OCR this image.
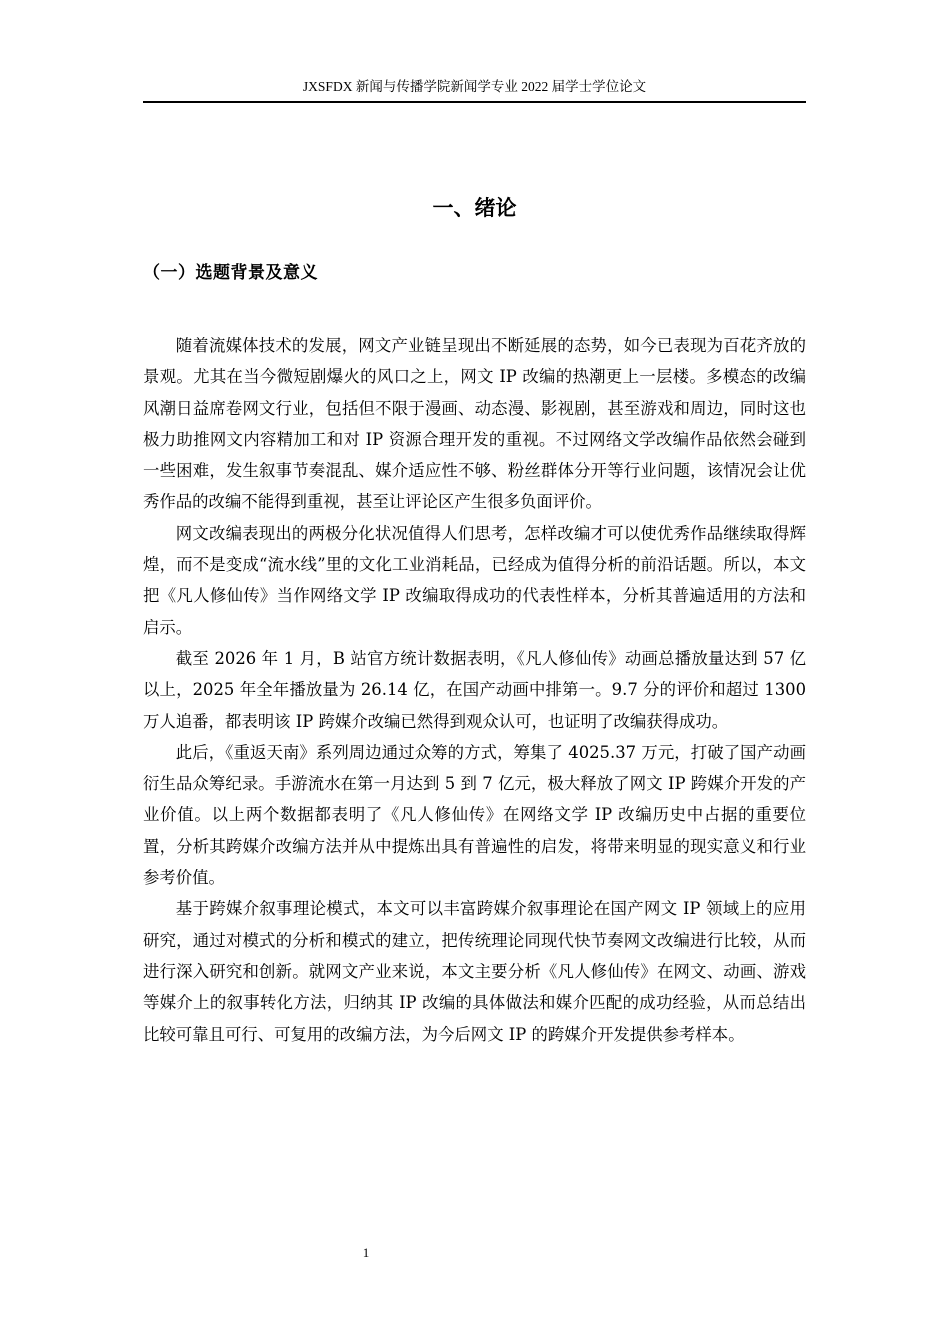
JXSFDX 新闻与传播学院新闻学专业 2022 届学士学位论文
一、绪论
（一）选题背景及意义

随着流媒体技术的发展，网文产业链呈现出不断延展的态势，如今已表现为百花齐放的景观。尤其在当今微短剧爆火的风口之上，网文 IP 改编的热潮更上一层楼。多模态的改编风潮日益席卷网文行业，包括但不限于漫画、动态漫、影视剧，甚至游戏和周边，同时这也极力助推网文内容精加工和对 IP 资源合理开发的重视。不过网络文学改编作品依然会碰到一些困难，发生叙事节奏混乱、媒介适应性不够、粉丝群体分开等行业问题，该情况会让优秀作品的改编不能得到重视，甚至让评论区产生很多负面评价。

网文改编表现出的两极分化状况值得人们思考，怎样改编才可以使优秀作品继续取得辉煌，而不是变成“流水线”里的文化工业消耗品，已经成为值得分析的前沿话题。所以，本文把《凡人修仙传》当作网络文学 IP 改编取得成功的代表性样本，分析其普遍适用的方法和启示。

截至 2026 年 1 月，B 站官方统计数据表明，《凡人修仙传》动画总播放量达到 57 亿以上，2025 年全年播放量为 26.14 亿，在国产动画中排第一。9.7 分的评价和超过 1300 万人追番，都表明该 IP 跨媒介改编已然得到观众认可，也证明了改编获得成功。

此后，《重返天南》系列周边通过众筹的方式，筹集了 4025.37 万元，打破了国产动画衍生品众筹纪录。手游流水在第一月达到 5 到 7 亿元，极大释放了网文 IP 跨媒介开发的产业价值。以上两个数据都表明了《凡人修仙传》在网络文学 IP 改编历史中占据的重要位置，分析其跨媒介改编方法并从中提炼出具有普遍性的启发，将带来明显的现实意义和行业参考价值。

基于跨媒介叙事理论模式，本文可以丰富跨媒介叙事理论在国产网文 IP 领域上的应用研究，通过对模式的分析和模式的建立，把传统理论同现代快节奏网文改编进行比较，从而进行深入研究和创新。就网文产业来说，本文主要分析《凡人修仙传》在网文、动画、游戏等媒介上的叙事转化方法，归纳其 IP 改编的具体做法和媒介匹配的成功经验，从而总结出比较可靠且可行、可复用的改编方法，为今后网文 IP 的跨媒介开发提供参考样本。

1
